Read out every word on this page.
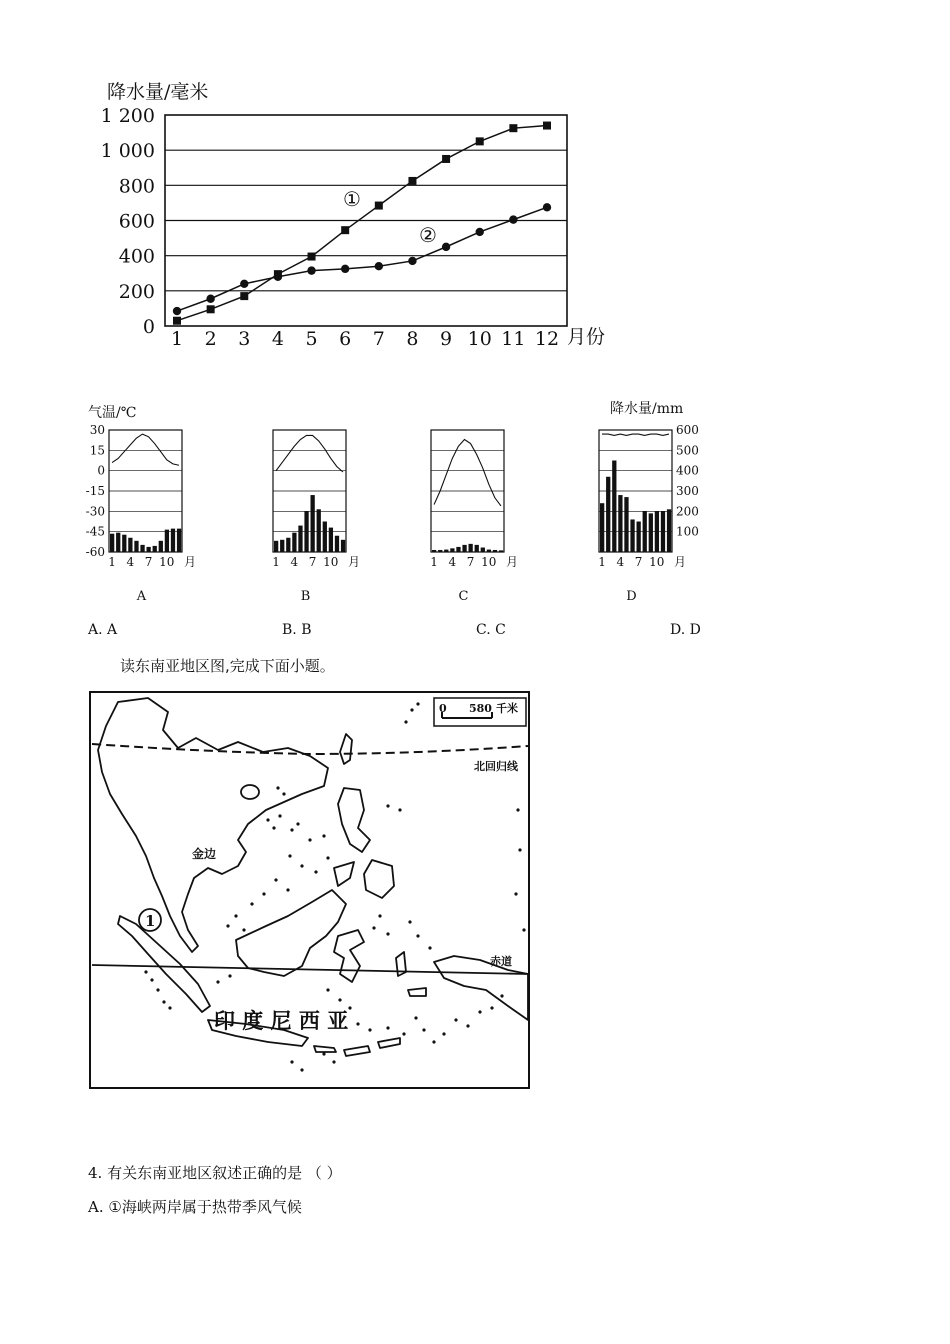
降水量/毫米
0
200
400
600
800
1 000
1 200
1 2 3 4 5 6 7 8 9 10 11 12 月份
①
②
气温/℃	降水量/mm
30
15
0
-15
-30
-45
-60
600
500
400
300
200
100
1 4 7 10 月
A
1 4 7 10 月
B
1 4 7 10 月
C
1 4 7 10 月
D
A. A	B. B	C. C	D. D
读东南亚地区图,完成下面小题。
0 580 千米
北回归线
赤道
金边
1
印 度 尼 西 亚
4. 有关东南亚地区叙述正确的是 （ ）
A. ①海峡两岸属于热带季风气候
